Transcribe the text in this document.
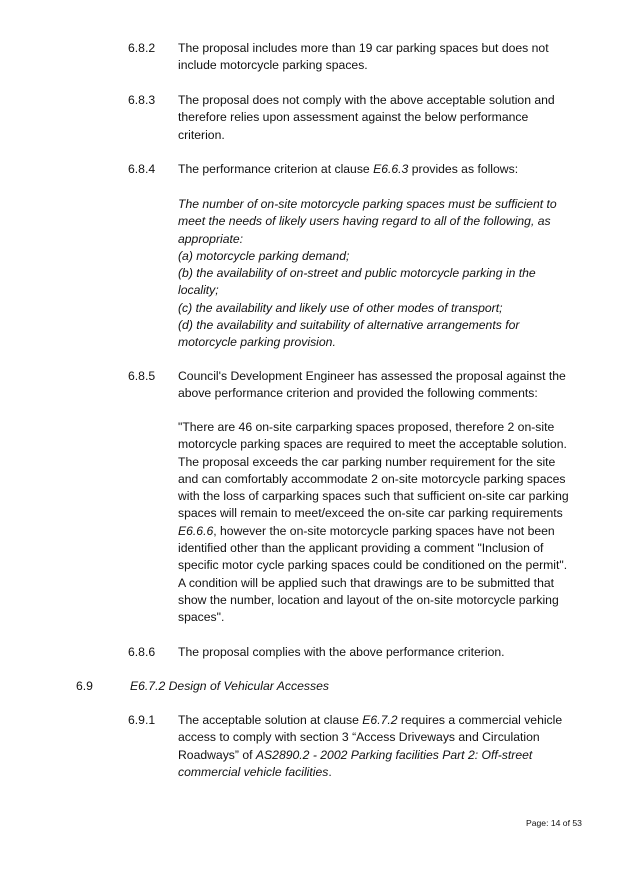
6.8.2 The proposal includes more than 19 car parking spaces but does not
include motorcycle parking spaces.
6.8.3 The proposal does not comply with the above acceptable solution and
therefore relies upon assessment against the below performance
criterion.
6.8.4 The performance criterion at clause E6.6.3 provides as follows:
The number of on-site motorcycle parking spaces must be sufficient to
meet the needs of likely users having regard to all of the following, as
appropriate:
(a) motorcycle parking demand;
(b) the availability of on-street and public motorcycle parking in the
locality;
(c) the availability and likely use of other modes of transport;
(d) the availability and suitability of alternative arrangements for
motorcycle parking provision.
6.8.5 Council's Development Engineer has assessed the proposal against the
above performance criterion and provided the following comments:
"There are 46 on-site carparking spaces proposed, therefore 2 on-site
motorcycle parking spaces are required to meet the acceptable solution.
The proposal exceeds the car parking number requirement for the site
and can comfortably accommodate 2 on-site motorcycle parking spaces
with the loss of carparking spaces such that sufficient on-site car parking
spaces will remain to meet/exceed the on-site car parking requirements
E6.6.6, however the on-site motorcycle parking spaces have not been
identified other than the applicant providing a comment "Inclusion of
specific motor cycle parking spaces could be conditioned on the permit".
A condition will be applied such that drawings are to be submitted that
show the number, location and layout of the on-site motorcycle parking
spaces".
6.8.6 The proposal complies with the above performance criterion.
6.9	E6.7.2 Design of Vehicular Accesses
6.9.1 The acceptable solution at clause E6.7.2 requires a commercial vehicle
access to comply with section 3 “Access Driveways and Circulation
Roadways” of AS2890.2 - 2002 Parking facilities Part 2: Off-street
commercial vehicle facilities.
Page: 14 of 53
